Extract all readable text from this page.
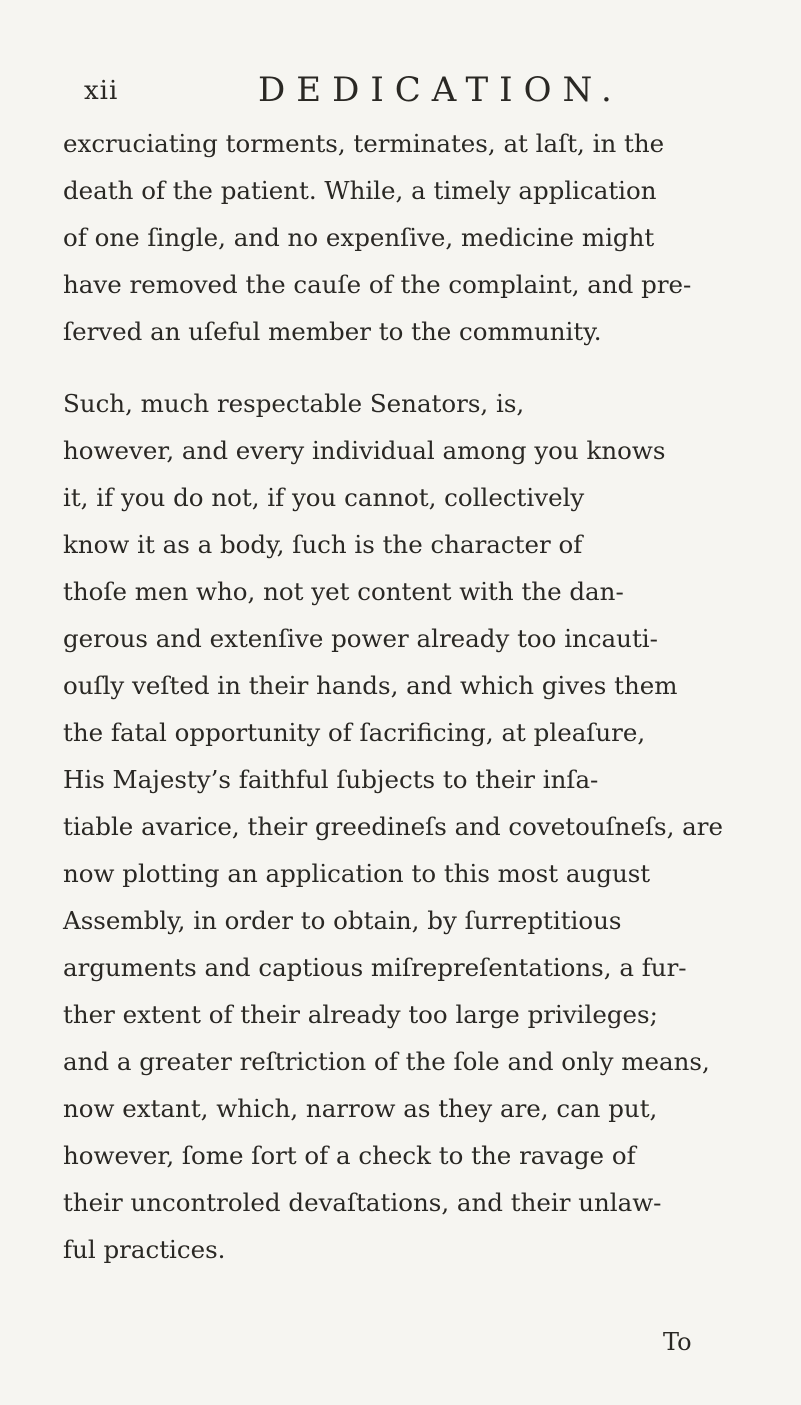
xii	DEDICATION.
excruciating torments, terminates, at laſt, in the
death of the patient. While, a timely application
of one ſingle, and no expenſive, medicine might
have removed the cauſe of the complaint, and pre-
ſerved an uſeful member to the community.
Such, much respectable Senators, is,
however, and every individual among you knows
it, if you do not, if you cannot, collectively
know it as a body, ſuch is the character of
thoſe men who, not yet content with the dan-
gerous and extenſive power already too incauti-
ouſly veſted in their hands, and which gives them
the fatal opportunity of ſacrificing, at pleaſure,
His Majesty’s faithful ſubjects to their inſa-
tiable avarice, their greedineſs and covetouſneſs, are
now plotting an application to this most august
Assembly, in order to obtain, by ſurreptitious
arguments and captious miſrepreſentations, a fur-
ther extent of their already too large privileges;
and a greater reſtriction of the ſole and only means,
now extant, which, narrow as they are, can put,
however, ſome ſort of a check to the ravage of
their uncontroled devaſtations, and their unlaw-
ful practices.
To
